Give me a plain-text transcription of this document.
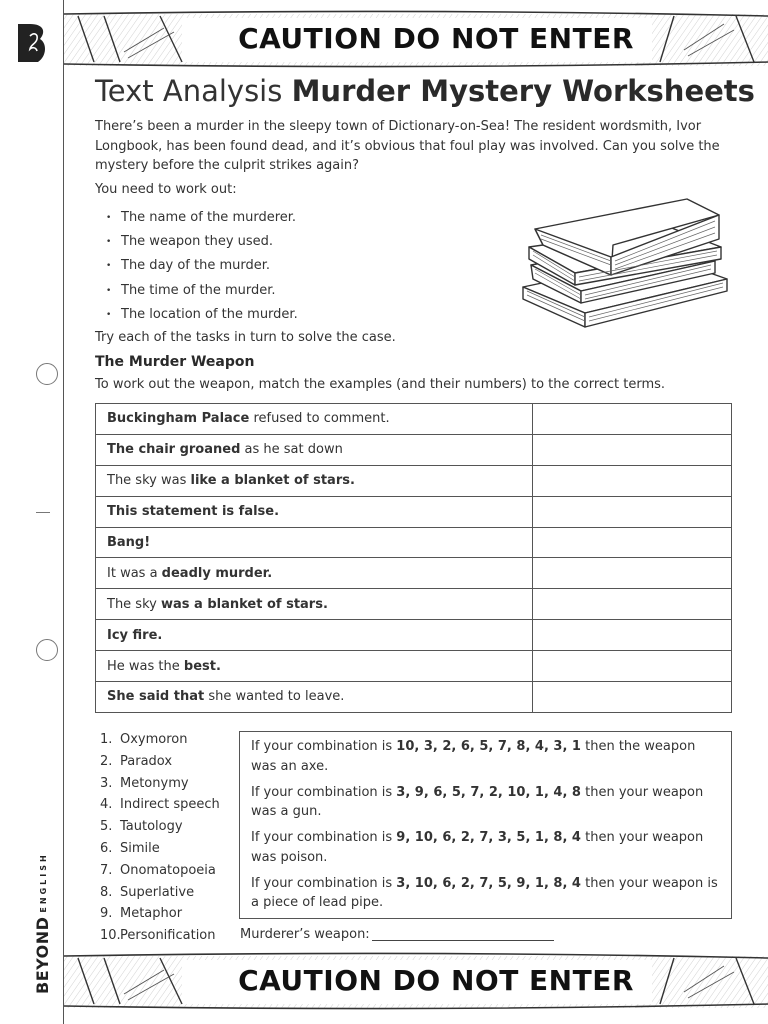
BEYONDENGLISH
CAUTION DO NOT ENTER
Text Analysis Murder Mystery Worksheets
There’s been a murder in the sleepy town of Dictionary-on-Sea! The resident wordsmith, Ivor Longbook, has been found dead, and it’s obvious that foul play was involved. Can you solve the mystery before the culprit strikes again?
You need to work out:
• The name of the murderer.
• The weapon they used.
• The day of the murder.
• The time of the murder.
• The location of the murder.
Try each of the tasks in turn to solve the case.
The Murder Weapon
To work out the weapon, match the examples (and their numbers) to the correct terms.
Buckingham Palace refused to comment.	
The chair groaned as he sat down	
The sky was like a blanket of stars.	
This statement is false.	
Bang!	
It was a deadly murder.	
The sky was a blanket of stars.	
Icy fire.	
He was the best.	
She said that she wanted to leave.	
1. Oxymoron
2. Paradox
3. Metonymy
4. Indirect speech
5. Tautology
6. Simile
7. Onomatopoeia
8. Superlative
9. Metaphor
10.Personification

If your combination is 10, 3, 2, 6, 5, 7, 8, 4, 3, 1 then the weapon was an axe.

If your combination is 3, 9, 6, 5, 7, 2, 10, 1, 4, 8 then your weapon was a gun.

If your combination is 9, 10, 6, 2, 7, 3, 5, 1, 8, 4 then your weapon was poison.

If your combination is 3, 10, 6, 2, 7, 5, 9, 1, 8, 4 then your weapon is a piece of lead pipe.

Murderer’s weapon:
CAUTION DO NOT ENTER
